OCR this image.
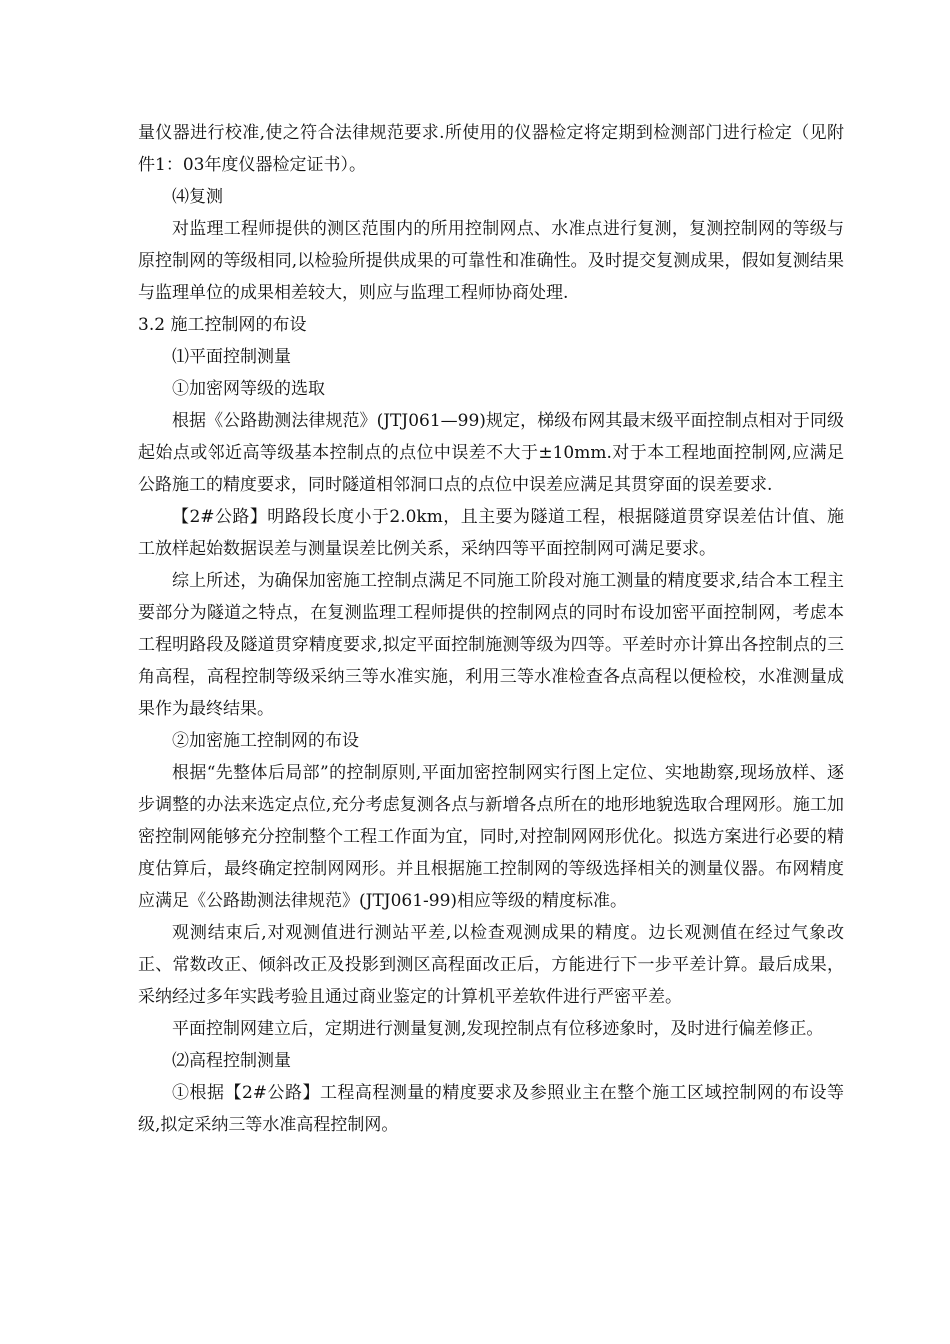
量仪器进行校准,使之符合法律规范要求.所使用的仪器检定将定期到检测部门进行检定（见附件1：03年度仪器检定证书）。

⑷复测

对监理工程师提供的测区范围内的所用控制网点、水准点进行复测，复测控制网的等级与原控制网的等级相同,以检验所提供成果的可靠性和准确性。及时提交复测成果，假如复测结果与监理单位的成果相差较大，则应与监理工程师协商处理.

3.2 施工控制网的布设

⑴平面控制测量

①加密网等级的选取

根据《公路勘测法律规范》(JTJ061—99)规定，梯级布网其最末级平面控制点相对于同级起始点或邻近高等级基本控制点的点位中误差不大于±10mm.对于本工程地面控制网,应满足公路施工的精度要求，同时隧道相邻洞口点的点位中误差应满足其贯穿面的误差要求.

【2#公路】明路段长度小于2.0km，且主要为隧道工程，根据隧道贯穿误差估计值、施工放样起始数据误差与测量误差比例关系，采纳四等平面控制网可满足要求。

综上所述，为确保加密施工控制点满足不同施工阶段对施工测量的精度要求,结合本工程主要部分为隧道之特点，在复测监理工程师提供的控制网点的同时布设加密平面控制网，考虑本工程明路段及隧道贯穿精度要求,拟定平面控制施测等级为四等。平差时亦计算出各控制点的三角高程，高程控制等级采纳三等水准实施，利用三等水准检查各点高程以便检校，水准测量成果作为最终结果。

②加密施工控制网的布设

根据“先整体后局部”的控制原则,平面加密控制网实行图上定位、实地勘察,现场放样、逐步调整的办法来选定点位,充分考虑复测各点与新增各点所在的地形地貌选取合理网形。施工加密控制网能够充分控制整个工程工作面为宜，同时,对控制网网形优化。拟选方案进行必要的精度估算后，最终确定控制网网形。并且根据施工控制网的等级选择相关的测量仪器。布网精度应满足《公路勘测法律规范》(JTJ061-99)相应等级的精度标准。

观测结束后,对观测值进行测站平差,以检查观测成果的精度。边长观测值在经过气象改正、常数改正、倾斜改正及投影到测区高程面改正后，方能进行下一步平差计算。最后成果，采纳经过多年实践考验且通过商业鉴定的计算机平差软件进行严密平差。

平面控制网建立后，定期进行测量复测,发现控制点有位移迹象时，及时进行偏差修正。

⑵高程控制测量

①根据【2#公路】工程高程测量的精度要求及参照业主在整个施工区域控制网的布设等级,拟定采纳三等水准高程控制网。
